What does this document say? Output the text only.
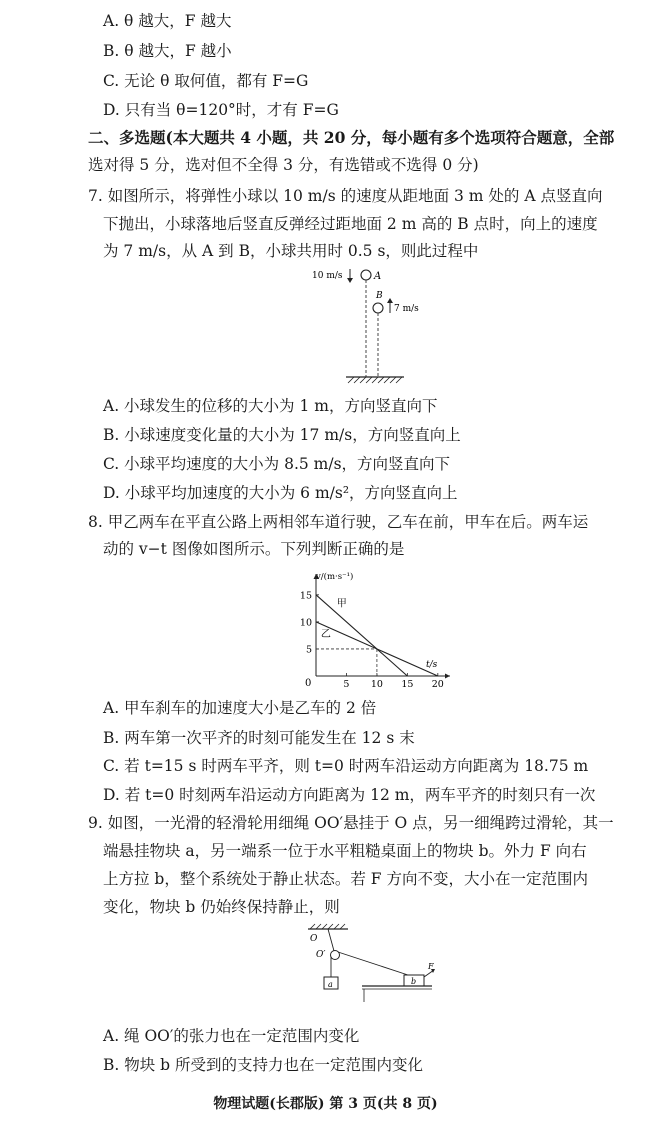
A. θ 越大，F 越大
B. θ 越大，F 越小
C. 无论 θ 取何值，都有 F=G
D. 只有当 θ=120°时，才有 F=G
二、多选题(本大题共 4 小题，共 20 分，每小题有多个选项符合题意，全部
选对得 5 分，选对但不全得 3 分，有选错或不选得 0 分)
7. 如图所示，将弹性小球以 10 m/s 的速度从距地面 3 m 处的 A 点竖直向
下抛出，小球落地后竖直反弹经过距地面 2 m 高的 B 点时，向上的速度
为 7 m/s，从 A 到 B，小球共用时 0.5 s，则此过程中
10 m/s	A
B
7 m/s
A. 小球发生的位移的大小为 1 m，方向竖直向下
B. 小球速度变化量的大小为 17 m/s，方向竖直向上
C. 小球平均速度的大小为 8.5 m/s，方向竖直向下
D. 小球平均加速度的大小为 6 m/s²，方向竖直向上
8. 甲乙两车在平直公路上两相邻车道行驶，乙车在前，甲车在后。两车运
动的 v−t 图像如图所示。下列判断正确的是
v/(m·s⁻¹)
t/s
0	5 10 15 20
5
10
15
甲
乙
A. 甲车刹车的加速度大小是乙车的 2 倍
B. 两车第一次平齐的时刻可能发生在 12 s 末
C. 若 t=15 s 时两车平齐，则 t=0 时两车沿运动方向距离为 18.75 m
D. 若 t=0 时刻两车沿运动方向距离为 12 m，两车平齐的时刻只有一次
9. 如图，一光滑的轻滑轮用细绳 OO′悬挂于 O 点，另一细绳跨过滑轮，其一
端悬挂物块 a，另一端系一位于水平粗糙桌面上的物块 b。外力 F 向右
上方拉 b，整个系统处于静止状态。若 F 方向不变，大小在一定范围内
变化，物块 b 仍始终保持静止，则
O
O′
a	b
F
A. 绳 OO′的张力也在一定范围内变化
B. 物块 b 所受到的支持力也在一定范围内变化
物理试题(长郡版) 第 3 页(共 8 页)
